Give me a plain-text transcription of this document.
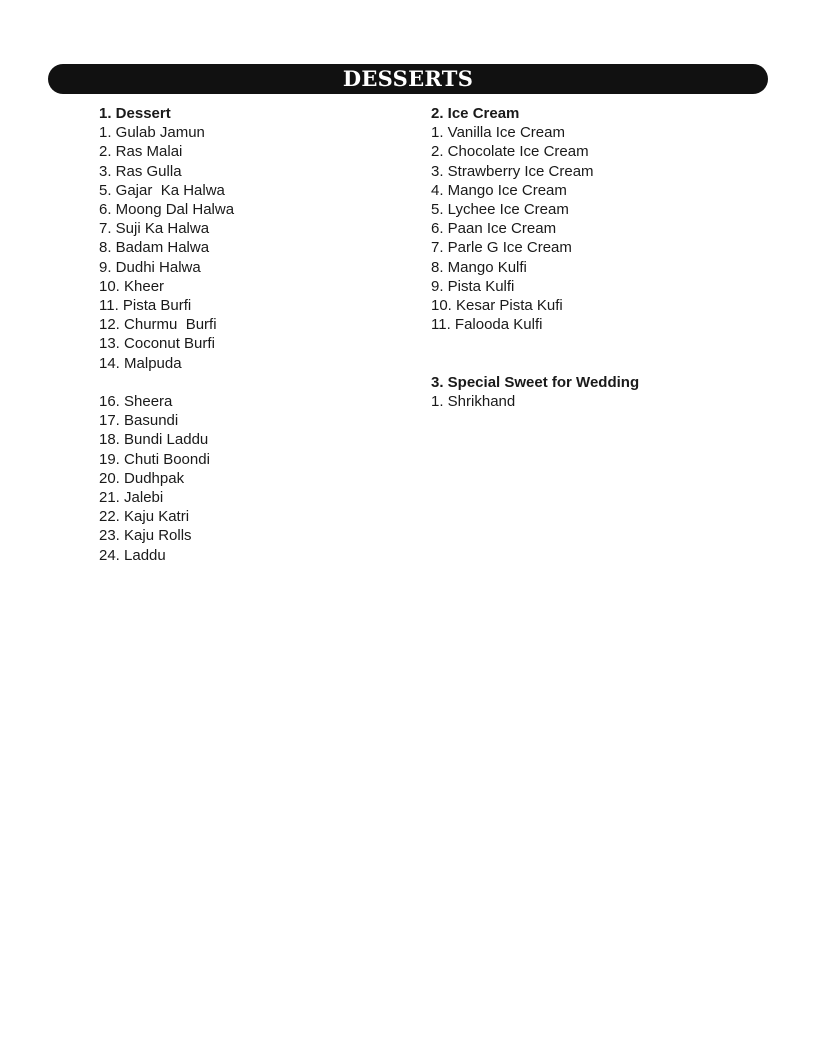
DESSERTS
1. Dessert
1. Gulab Jamun
2. Ras Malai
3. Ras Gulla
5. Gajar  Ka Halwa
6. Moong Dal Halwa
7. Suji Ka Halwa
8. Badam Halwa
9. Dudhi Halwa
10. Kheer
11. Pista Burfi
12. Churmu  Burfi
13. Coconut Burfi
14. Malpuda
16. Sheera
17. Basundi
18. Bundi Laddu
19. Chuti Boondi
20. Dudhpak
21. Jalebi
22. Kaju Katri
23. Kaju Rolls
24. Laddu
2. Ice Cream
1. Vanilla Ice Cream
2. Chocolate Ice Cream
3. Strawberry Ice Cream
4. Mango Ice Cream
5. Lychee Ice Cream
6. Paan Ice Cream
7. Parle G Ice Cream
8. Mango Kulfi
9. Pista Kulfi
10. Kesar Pista Kufi
11. Falooda Kulfi
3. Special Sweet for Wedding
1. Shrikhand
